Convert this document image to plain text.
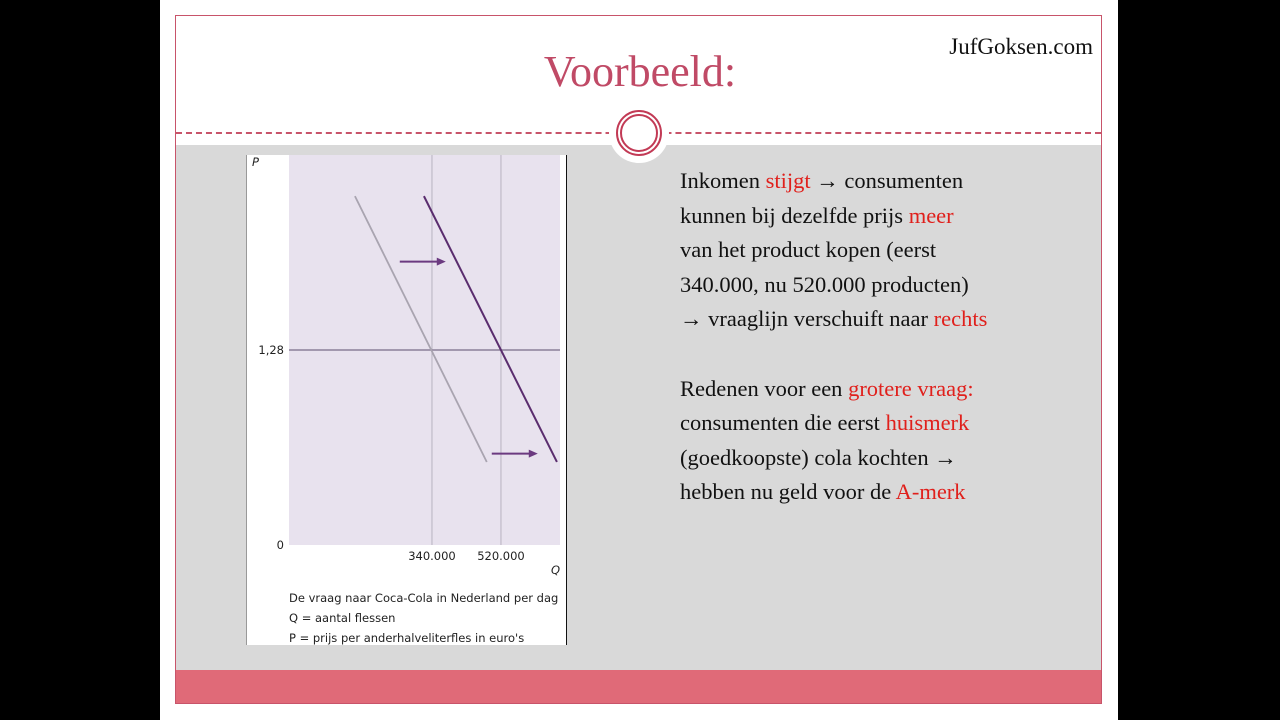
Voorbeeld:
JufGoksen.com
340.000 520.000
0
1,28
P
Q
De vraag naar Coca-Cola in Nederland per dag
Q = aantal flessen
P = prijs per anderhalveliterfles in euro's
Inkomen stijgt → consumenten
kunnen bij dezelfde prijs meer
van het product kopen (eerst
340.000, nu 520.000 producten)
→ vraaglijn verschuift naar rechts
Redenen voor een grotere vraag:
consumenten die eerst huismerk
(goedkoopste) cola kochten →
hebben nu geld voor de A-merk
